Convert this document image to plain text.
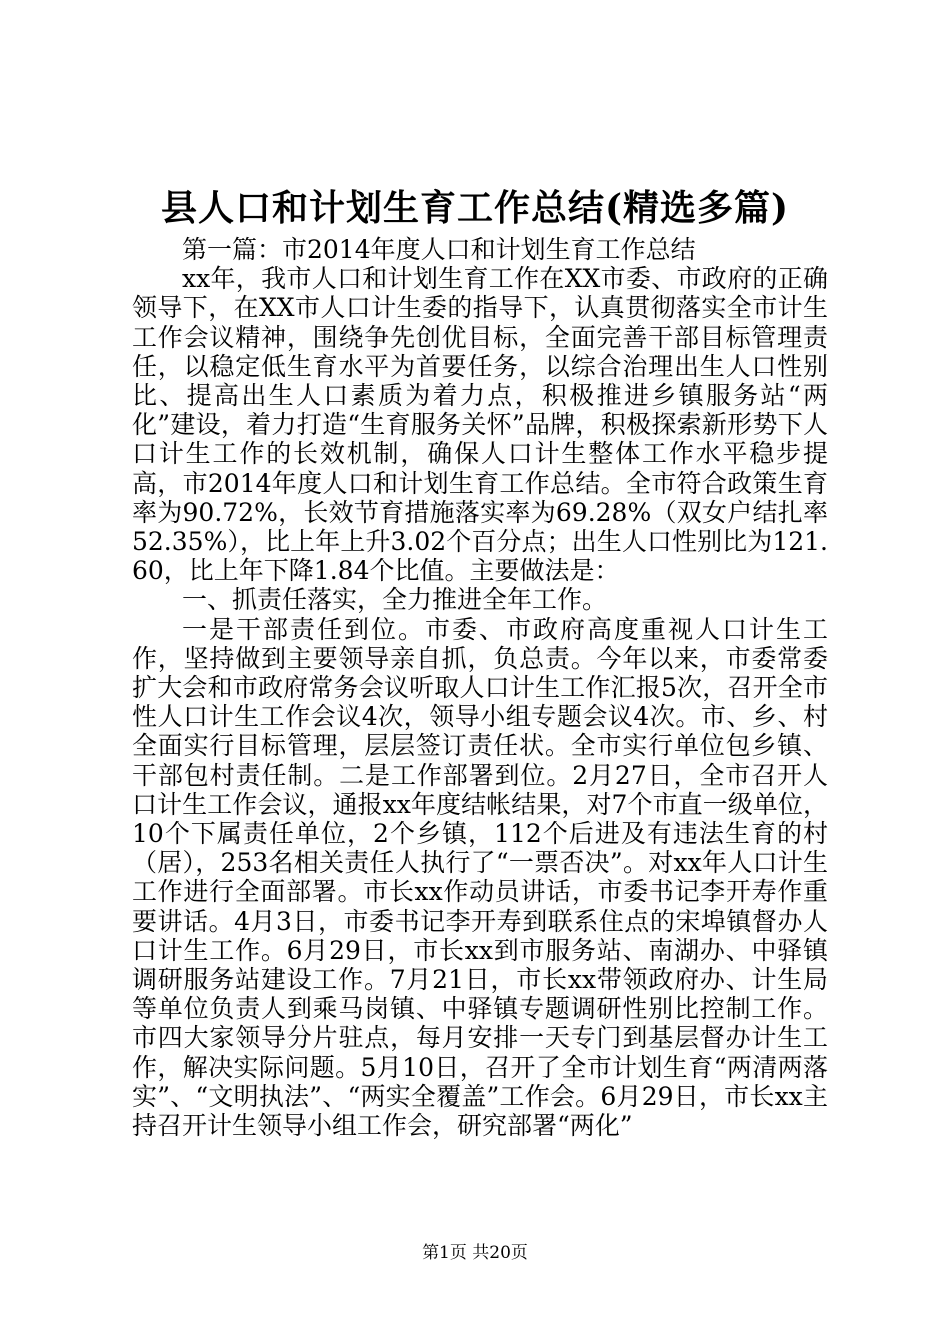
县人口和计划生育工作总结(精选多篇)

第一篇：市2014年度人口和计划生育工作总结

xx年，我市人口和计划生育工作在XX市委、市政府的正确领导下，在XX市人口计生委的指导下，认真贯彻落实全市计生工作会议精神，围绕争先创优目标，全面完善干部目标管理责任，以稳定低生育水平为首要任务，以综合治理出生人口性别比、提高出生人口素质为着力点，积极推进乡镇服务站“两化”建设，着力打造“生育服务关怀”品牌，积极探索新形势下人口计生工作的长效机制，确保人口计生整体工作水平稳步提高，市2014年度人口和计划生育工作总结。全市符合政策生育率为90.72%，长效节育措施落实率为69.28%（双女户结扎率52.35%），比上年上升3.02个百分点；出生人口性别比为121.60，比上年下降1.84个比值。主要做法是：

一、抓责任落实，全力推进全年工作。

一是干部责任到位。市委、市政府高度重视人口计生工作，坚持做到主要领导亲自抓，负总责。今年以来，市委常委扩大会和市政府常务会议听取人口计生工作汇报5次，召开全市性人口计生工作会议4次，领导小组专题会议4次。市、乡、村全面实行目标管理，层层签订责任状。全市实行单位包乡镇、干部包村责任制。二是工作部署到位。2月27日，全市召开人口计生工作会议，通报xx年度结帐结果，对7个市直一级单位，10个下属责任单位，2个乡镇，112个后进及有违法生育的村（居），253名相关责任人执行了“一票否决”。对xx年人口计生工作进行全面部署。市长xx作动员讲话，市委书记李开寿作重要讲话。4月3日，市委书记李开寿到联系住点的宋埠镇督办人口计生工作。6月29日，市长xx到市服务站、南湖办、中驿镇调研服务站建设工作。7月21日，市长xx带领政府办、计生局等单位负责人到乘马岗镇、中驿镇专题调研性别比控制工作。市四大家领导分片驻点，每月安排一天专门到基层督办计生工作，解决实际问题。5月10日，召开了全市计划生育“两清两落实”、“文明执法”、“两实全覆盖”工作会。6月29日，市长xx主持召开计生领导小组工作会，研究部署“两化”

第1页 共20页
